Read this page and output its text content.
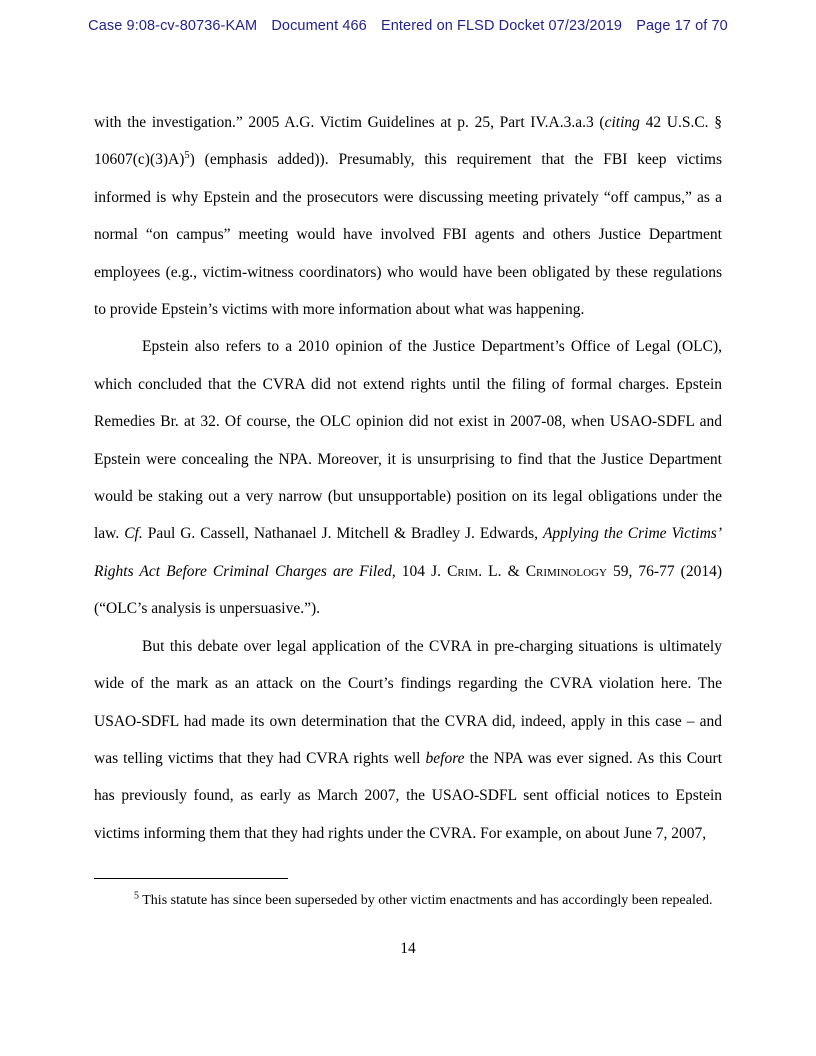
Case 9:08-cv-80736-KAM Document 466 Entered on FLSD Docket 07/23/2019 Page 17 of 70

with the investigation.” 2005 A.G. Victim Guidelines at p. 25, Part IV.A.3.a.3 (citing 42 U.S.C. § 10607(c)(3)A)$^5$) (emphasis added)). Presumably, this requirement that the FBI keep victims informed is why Epstein and the prosecutors were discussing meeting privately “off campus,” as a normal “on campus” meeting would have involved FBI agents and others Justice Department employees (e.g., victim-witness coordinators) who would have been obligated by these regulations to provide Epstein’s victims with more information about what was happening.

Epstein also refers to a 2010 opinion of the Justice Department’s Office of Legal (OLC), which concluded that the CVRA did not extend rights until the filing of formal charges. Epstein Remedies Br. at 32. Of course, the OLC opinion did not exist in 2007-08, when USAO-SDFL and Epstein were concealing the NPA. Moreover, it is unsurprising to find that the Justice Department would be staking out a very narrow (but unsupportable) position on its legal obligations under the law. Cf. Paul G. Cassell, Nathanael J. Mitchell & Bradley J. Edwards, Applying the Crime Victims’ Rights Act Before Criminal Charges are Filed, 104 J. Crim. L. & Criminology 59, 76-77 (2014) (“OLC’s analysis is unpersuasive.”).

But this debate over legal application of the CVRA in pre-charging situations is ultimately wide of the mark as an attack on the Court’s findings regarding the CVRA violation here. The USAO-SDFL had made its own determination that the CVRA did, indeed, apply in this case – and was telling victims that they had CVRA rights well before the NPA was ever signed. As this Court has previously found, as early as March 2007, the USAO-SDFL sent official notices to Epstein victims informing them that they had rights under the CVRA. For example, on about June 7, 2007,

$^5$ This statute has since been superseded by other victim enactments and has accordingly been repealed.
14
